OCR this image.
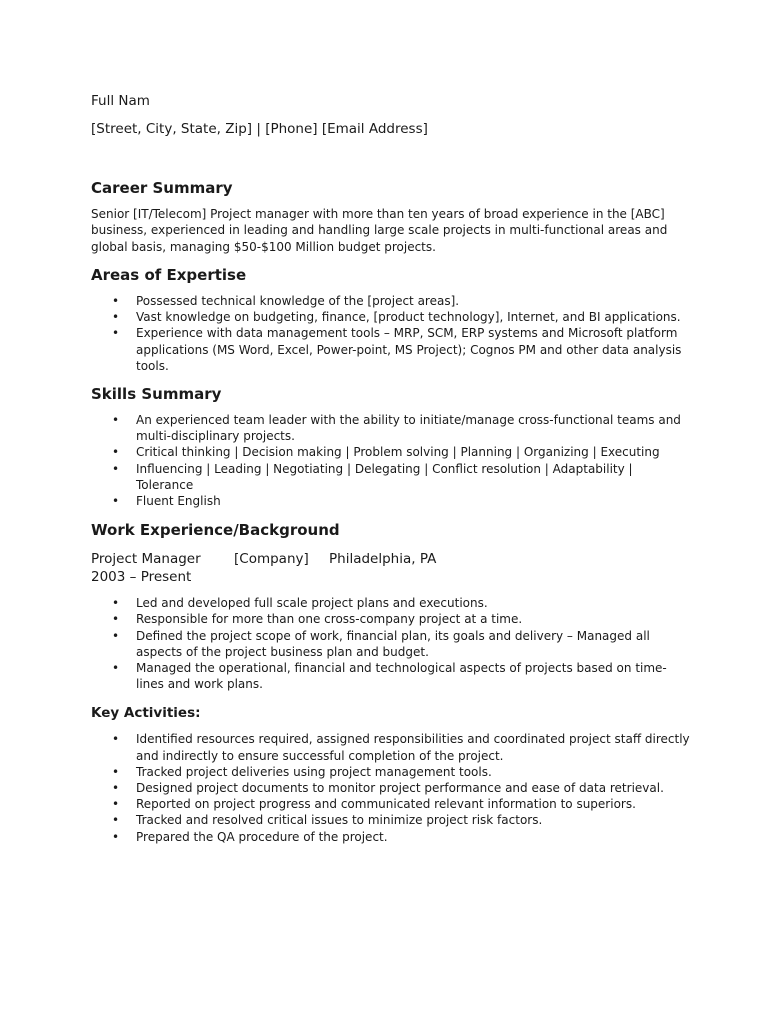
Full Nam

[Street, City, State, Zip] | [Phone] [Email Address]

Career Summary

Senior [IT/Telecom] Project manager with more than ten years of broad experience in the [ABC] business, experienced in leading and handling large scale projects in multi-functional areas and global basis, managing $50-$100 Million budget projects.

Areas of Expertise
• Possessed technical knowledge of the [project areas].
• Vast knowledge on budgeting, finance, [product technology], Internet, and BI applications.
• Experience with data management tools – MRP, SCM, ERP systems and Microsoft platform applications (MS Word, Excel, Power-point, MS Project); Cognos PM and other data analysis tools.
Skills Summary
• An experienced team leader with the ability to initiate/manage cross-functional teams and multi-disciplinary projects.
• Critical thinking | Decision making | Problem solving | Planning | Organizing | Executing
• Influencing | Leading | Negotiating | Delegating | Conflict resolution | Adaptability | Tolerance
• Fluent English
Work Experience/Background
Project Manager [Company] Philadelphia, PA
2003 – Present
• Led and developed full scale project plans and executions.
• Responsible for more than one cross-company project at a time.
• Defined the project scope of work, financial plan, its goals and delivery – Managed all aspects of the project business plan and budget.
• Managed the operational, financial and technological aspects of projects based on time-lines and work plans.
Key Activities:
• Identified resources required, assigned responsibilities and coordinated project staff directly and indirectly to ensure successful completion of the project.
• Tracked project deliveries using project management tools.
• Designed project documents to monitor project performance and ease of data retrieval.
• Reported on project progress and communicated relevant information to superiors.
• Tracked and resolved critical issues to minimize project risk factors.
• Prepared the QA procedure of the project.
